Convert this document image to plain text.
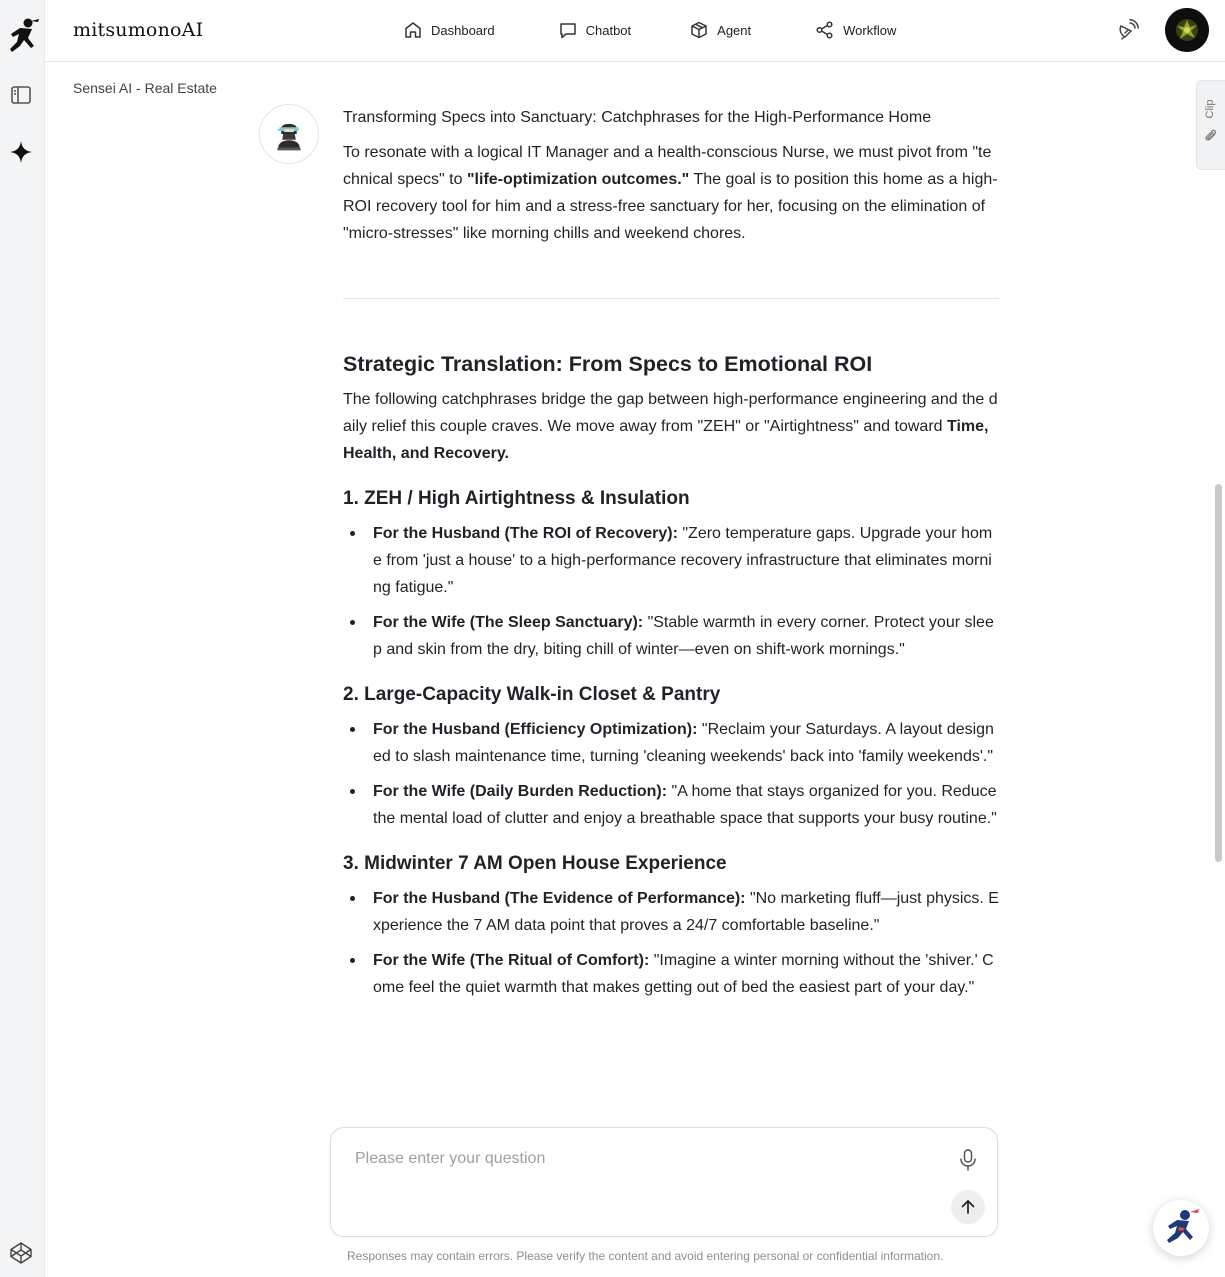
mitsumonoAI	Dashboard	Chatbot	Agent	Workflow
Sensei AI - Real Estate
Clip
Transforming Specs into Sanctuary: Catchphrases for the High-Performance Home

To resonate with a logical IT Manager and a health-conscious Nurse, we must pivot from "technical specs" to "life-optimization outcomes." The goal is to position this home as a high-ROI recovery tool for him and a stress-free sanctuary for her, focusing on the elimination of "micro-stresses" like morning chills and weekend chores.

Strategic Translation: From Specs to Emotional ROI

The following catchphrases bridge the gap between high-performance engineering and the daily relief this couple craves. We move away from "ZEH" or "Airtightness" and toward Time, Health, and Recovery.

1. ZEH / High Airtightness & Insulation
For the Husband (The ROI of Recovery): "Zero temperature gaps. Upgrade your home from 'just a house' to a high-performance recovery infrastructure that eliminates morning fatigue."
For the Wife (The Sleep Sanctuary): "Stable warmth in every corner. Protect your sleep and skin from the dry, biting chill of winter—even on shift-work mornings."
2. Large-Capacity Walk-in Closet & Pantry
For the Husband (Efficiency Optimization): "Reclaim your Saturdays. A layout designed to slash maintenance time, turning 'cleaning weekends' back into 'family weekends'."
For the Wife (Daily Burden Reduction): "A home that stays organized for you. Reduce the mental load of clutter and enjoy a breathable space that supports your busy routine."
3. Midwinter 7 AM Open House Experience
For the Husband (The Evidence of Performance): "No marketing fluff—just physics. Experience the 7 AM data point that proves a 24/7 comfortable baseline."
For the Wife (The Ritual of Comfort): "Imagine a winter morning without the 'shiver.' Come feel the quiet warmth that makes getting out of bed the easiest part of your day."
Please enter your question
Responses may contain errors. Please verify the content and avoid entering personal or confidential information.
